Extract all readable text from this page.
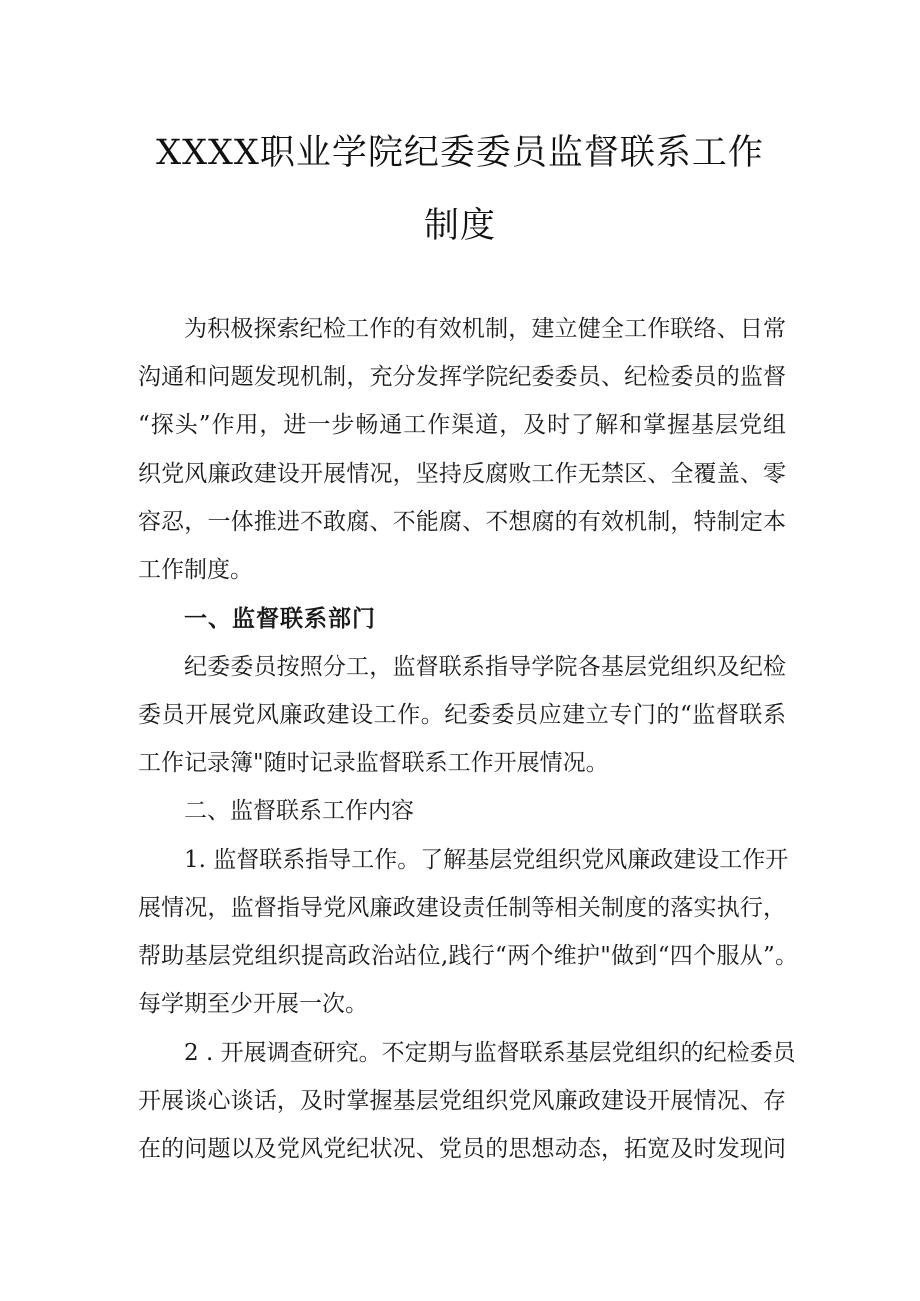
XXXX职业学院纪委委员监督联系工作
制度
为积极探索纪检工作的有效机制，建立健全工作联络、日常
沟通和问题发现机制，充分发挥学院纪委委员、纪检委员的监督
“探头”作用，进一步畅通工作渠道，及时了解和掌握基层党组
织党风廉政建设开展情况，坚持反腐败工作无禁区、全覆盖、零
容忍，一体推进不敢腐、不能腐、不想腐的有效机制，特制定本
工作制度。
一、监督联系部门
纪委委员按照分工，监督联系指导学院各基层党组织及纪检
委员开展党风廉政建设工作。纪委委员应建立专门的“监督联系
工作记录簿"随时记录监督联系工作开展情况。
二、监督联系工作内容
1. 监督联系指导工作。了解基层党组织党风廉政建设工作开
展情况，监督指导党风廉政建设责任制等相关制度的落实执行，
帮助基层党组织提高政治站位,践行“两个维护"做到“四个服从”。
每学期至少开展一次。
2 . 开展调查研究。不定期与监督联系基层党组织的纪检委员
开展谈心谈话，及时掌握基层党组织党风廉政建设开展情况、存
在的问题以及党风党纪状况、党员的思想动态，拓宽及时发现问
